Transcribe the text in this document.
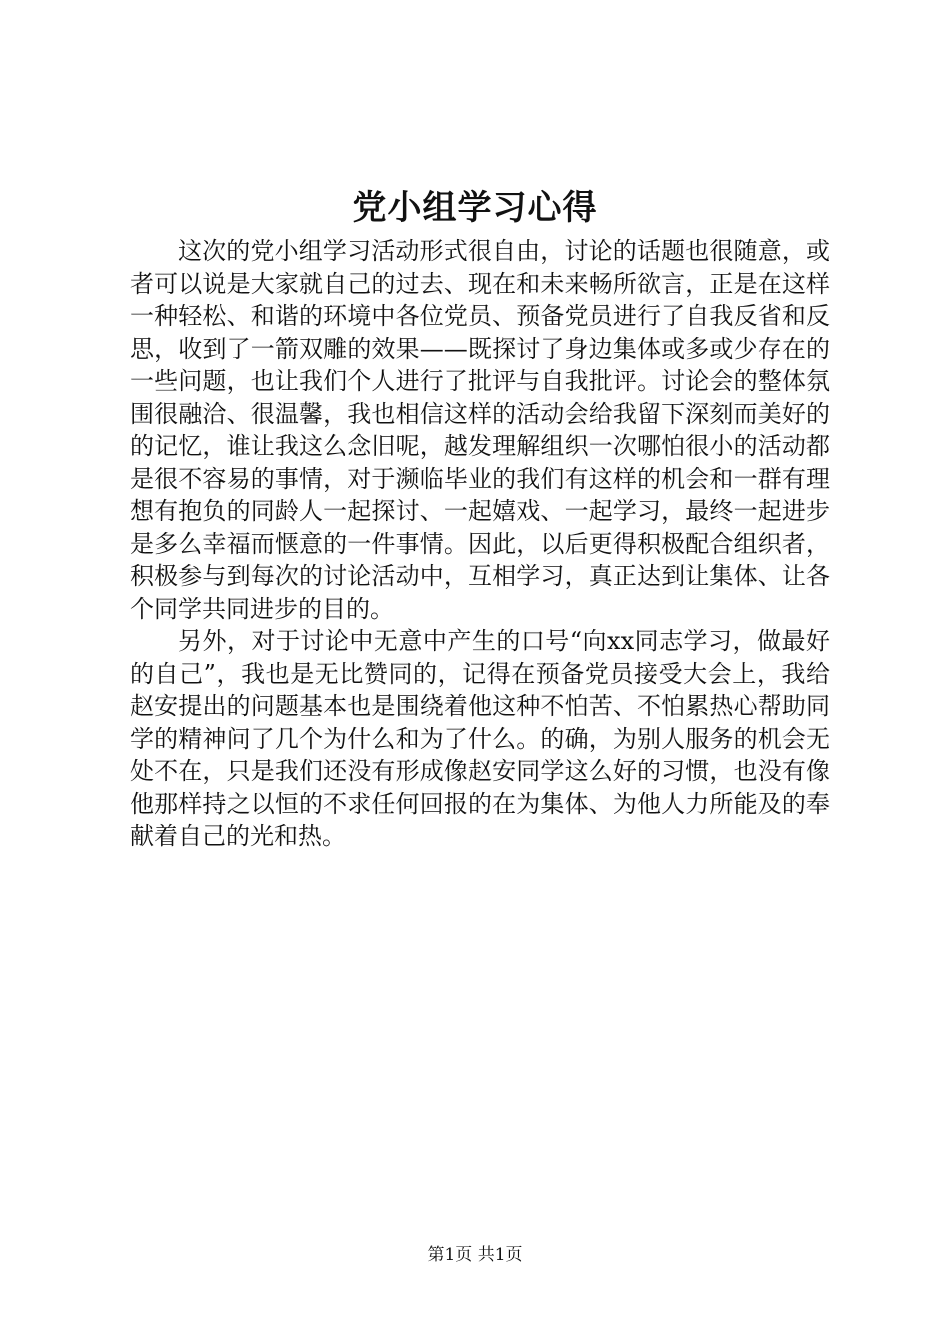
党小组学习心得

这次的党小组学习活动形式很自由，讨论的话题也很随意，或者可以说是大家就自己的过去、现在和未来畅所欲言，正是在这样一种轻松、和谐的环境中各位党员、预备党员进行了自我反省和反思，收到了一箭双雕的效果——既探讨了身边集体或多或少存在的一些问题，也让我们个人进行了批评与自我批评。讨论会的整体氛围很融洽、很温馨，我也相信这样的活动会给我留下深刻而美好的的记忆，谁让我这么念旧呢，越发理解组织一次哪怕很小的活动都是很不容易的事情，对于濒临毕业的我们有这样的机会和一群有理想有抱负的同龄人一起探讨、一起嬉戏、一起学习，最终一起进步是多么幸福而惬意的一件事情。因此，以后更得积极配合组织者，积极参与到每次的讨论活动中，互相学习，真正达到让集体、让各个同学共同进步的目的。

另外，对于讨论中无意中产生的口号“向xx同志学习，做最好的自己”，我也是无比赞同的，记得在预备党员接受大会上，我给赵安提出的问题基本也是围绕着他这种不怕苦、不怕累热心帮助同学的精神问了几个为什么和为了什么。的确，为别人服务的机会无处不在，只是我们还没有形成像赵安同学这么好的习惯，也没有像他那样持之以恒的不求任何回报的在为集体、为他人力所能及的奉献着自己的光和热。

第1页 共1页
